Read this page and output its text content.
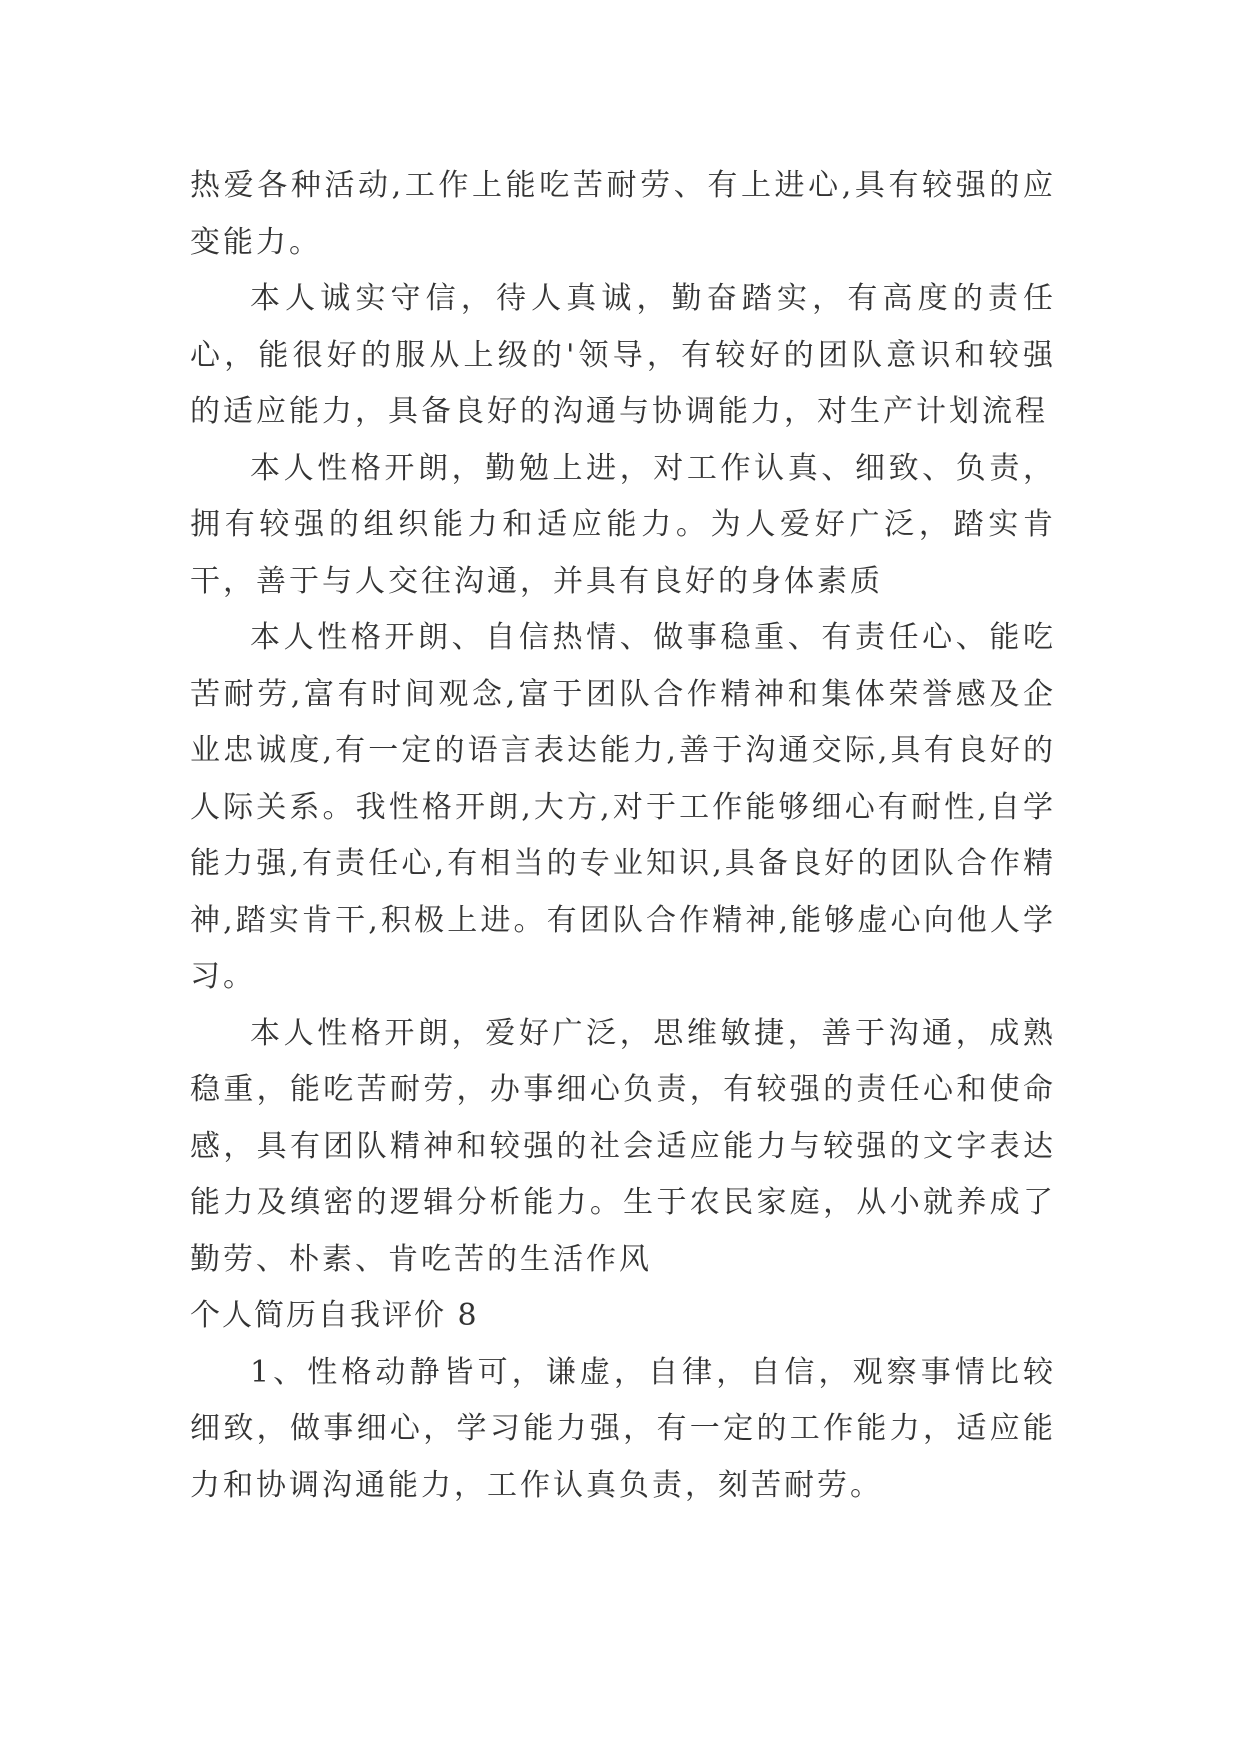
热爱各种活动,工作上能吃苦耐劳、有上进心,具有较强的应变能力。

本人诚实守信，待人真诚，勤奋踏实，有高度的责任心，能很好的服从上级的'领导，有较好的团队意识和较强的适应能力，具备良好的沟通与协调能力，对生产计划流程

本人性格开朗，勤勉上进，对工作认真、细致、负责，拥有较强的组织能力和适应能力。为人爱好广泛，踏实肯干，善于与人交往沟通，并具有良好的身体素质

本人性格开朗、自信热情、做事稳重、有责任心、能吃苦耐劳,富有时间观念,富于团队合作精神和集体荣誉感及企业忠诚度,有一定的语言表达能力,善于沟通交际,具有良好的人际关系。我性格开朗,大方,对于工作能够细心有耐性,自学能力强,有责任心,有相当的专业知识,具备良好的团队合作精神,踏实肯干,积极上进。有团队合作精神,能够虚心向他人学习。

本人性格开朗，爱好广泛，思维敏捷，善于沟通，成熟稳重，能吃苦耐劳，办事细心负责，有较强的责任心和使命感，具有团队精神和较强的社会适应能力与较强的文字表达能力及缜密的逻辑分析能力。生于农民家庭，从小就养成了勤劳、朴素、肯吃苦的生活作风

个人简历自我评价 8

1、性格动静皆可，谦虚，自律，自信，观察事情比较细致，做事细心，学习能力强，有一定的工作能力，适应能力和协调沟通能力，工作认真负责，刻苦耐劳。
